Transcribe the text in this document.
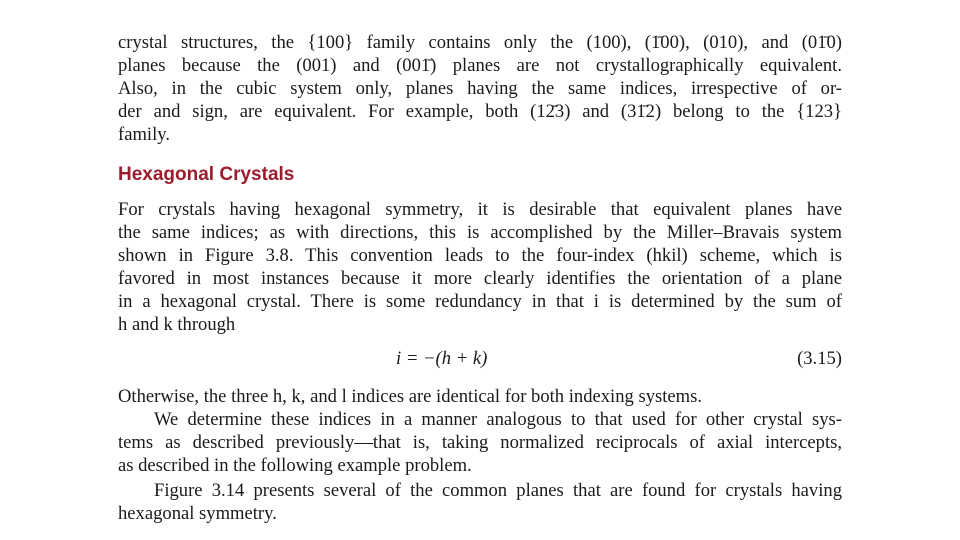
crystal structures, the {100} family contains only the (100), (1̄00), (010), and (01̄0)
planes because the (001) and (001̄) planes are not crystallographically equivalent.
Also, in the cubic system only, planes having the same indices, irrespective of or-
der and sign, are equivalent. For example, both (12̄3) and (31̄2) belong to the {123}
family.

Hexagonal Crystals

For crystals having hexagonal symmetry, it is desirable that equivalent planes have
the same indices; as with directions, this is accomplished by the Miller–Bravais system
shown in Figure 3.8. This convention leads to the four-index (hkil) scheme, which is
favored in most instances because it more clearly identifies the orientation of a plane
in a hexagonal crystal. There is some redundancy in that i is determined by the sum of
h and k through

i = −(h + k)	(3.15)

Otherwise, the three h, k, and l indices are identical for both indexing systems.

We determine these indices in a manner analogous to that used for other crystal sys-
tems as described previously—that is, taking normalized reciprocals of axial intercepts,
as described in the following example problem.

Figure 3.14 presents several of the common planes that are found for crystals having
hexagonal symmetry.
